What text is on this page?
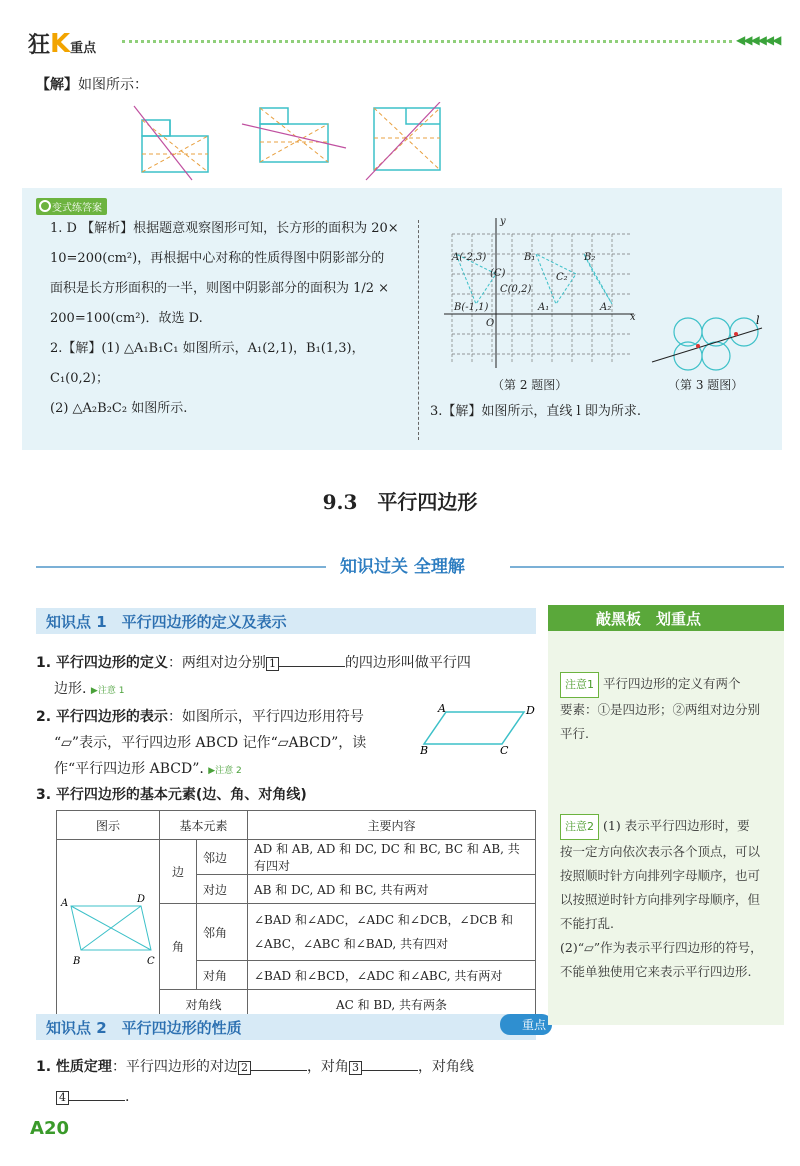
狂K重点
◀◀◀◀◀◀
【解】如图所示：
变式练答案
1. D 【解析】根据题意观察图形可知，长方形的面积为 20×
10=200(cm²)，再根据中心对称的性质得图中阴影部分的
面积是长方形面积的一半，则图中阴影部分的面积为 1/2 ×
200=100(cm²)．故选 D.
2.【解】(1) △A₁B₁C₁ 如图所示，A₁(2,1)，B₁(1,3)，
C₁(0,2)；
(2) △A₂B₂C₂ 如图所示.
A(-2,3)	B₁
(C)
C(0,2)
C₂
B₂
B(-1,1)	A₁	A₂
O
x
y
（第 2 题图）
l
（第 3 题图）
3.【解】如图所示，直线 l 即为所求.
9.3　平行四边形
知识过关 全理解
知识点 1　平行四边形的定义及表示
1. 平行四边形的定义：两组对边分别 1	的四边形叫做平行四
边形. ▶注意 1
2. 平行四边形的表示：如图所示，平行四边形用符号
“▱”表示，平行四边形 ABCD 记作“▱ABCD”，读
作“平行四边形 ABCD”. ▶注意 2
A	D
B	C
3. 平行四边形的基本元素(边、角、对角线)
图示	基本元素		主要内容

A D
B C	边	邻边	AD 和 AB, AD 和 DC, DC 和 BC, BC 和 AB, 共有四对
		对边	AB 和 DC, AD 和 BC, 共有两对
	角	邻角	∠BAD 和∠ADC，∠ADC 和∠DCB，∠DCB 和∠ABC，∠ABC 和∠BAD, 共有四对
		对角	∠BAD 和∠BCD，∠ADC 和∠ABC, 共有两对
	对角线		AC 和 BD, 共有两条
知识点 2　平行四边形的性质	重点
1. 性质定理：平行四边形的对边 2	，对角 3	，对角线
4	.
敲黑板　划重点
注意1 平行四边形的定义有两个
要素：①是四边形；②两组对边分别
平行.
注意2 (1) 表示平行四边形时，要
按一定方向依次表示各个顶点，可以
按照顺时针方向排列字母顺序，也可
以按照逆时针方向排列字母顺序，但
不能打乱.
(2)“▱”作为表示平行四边形的符号，
不能单独使用它来表示平行四边形.
A20
